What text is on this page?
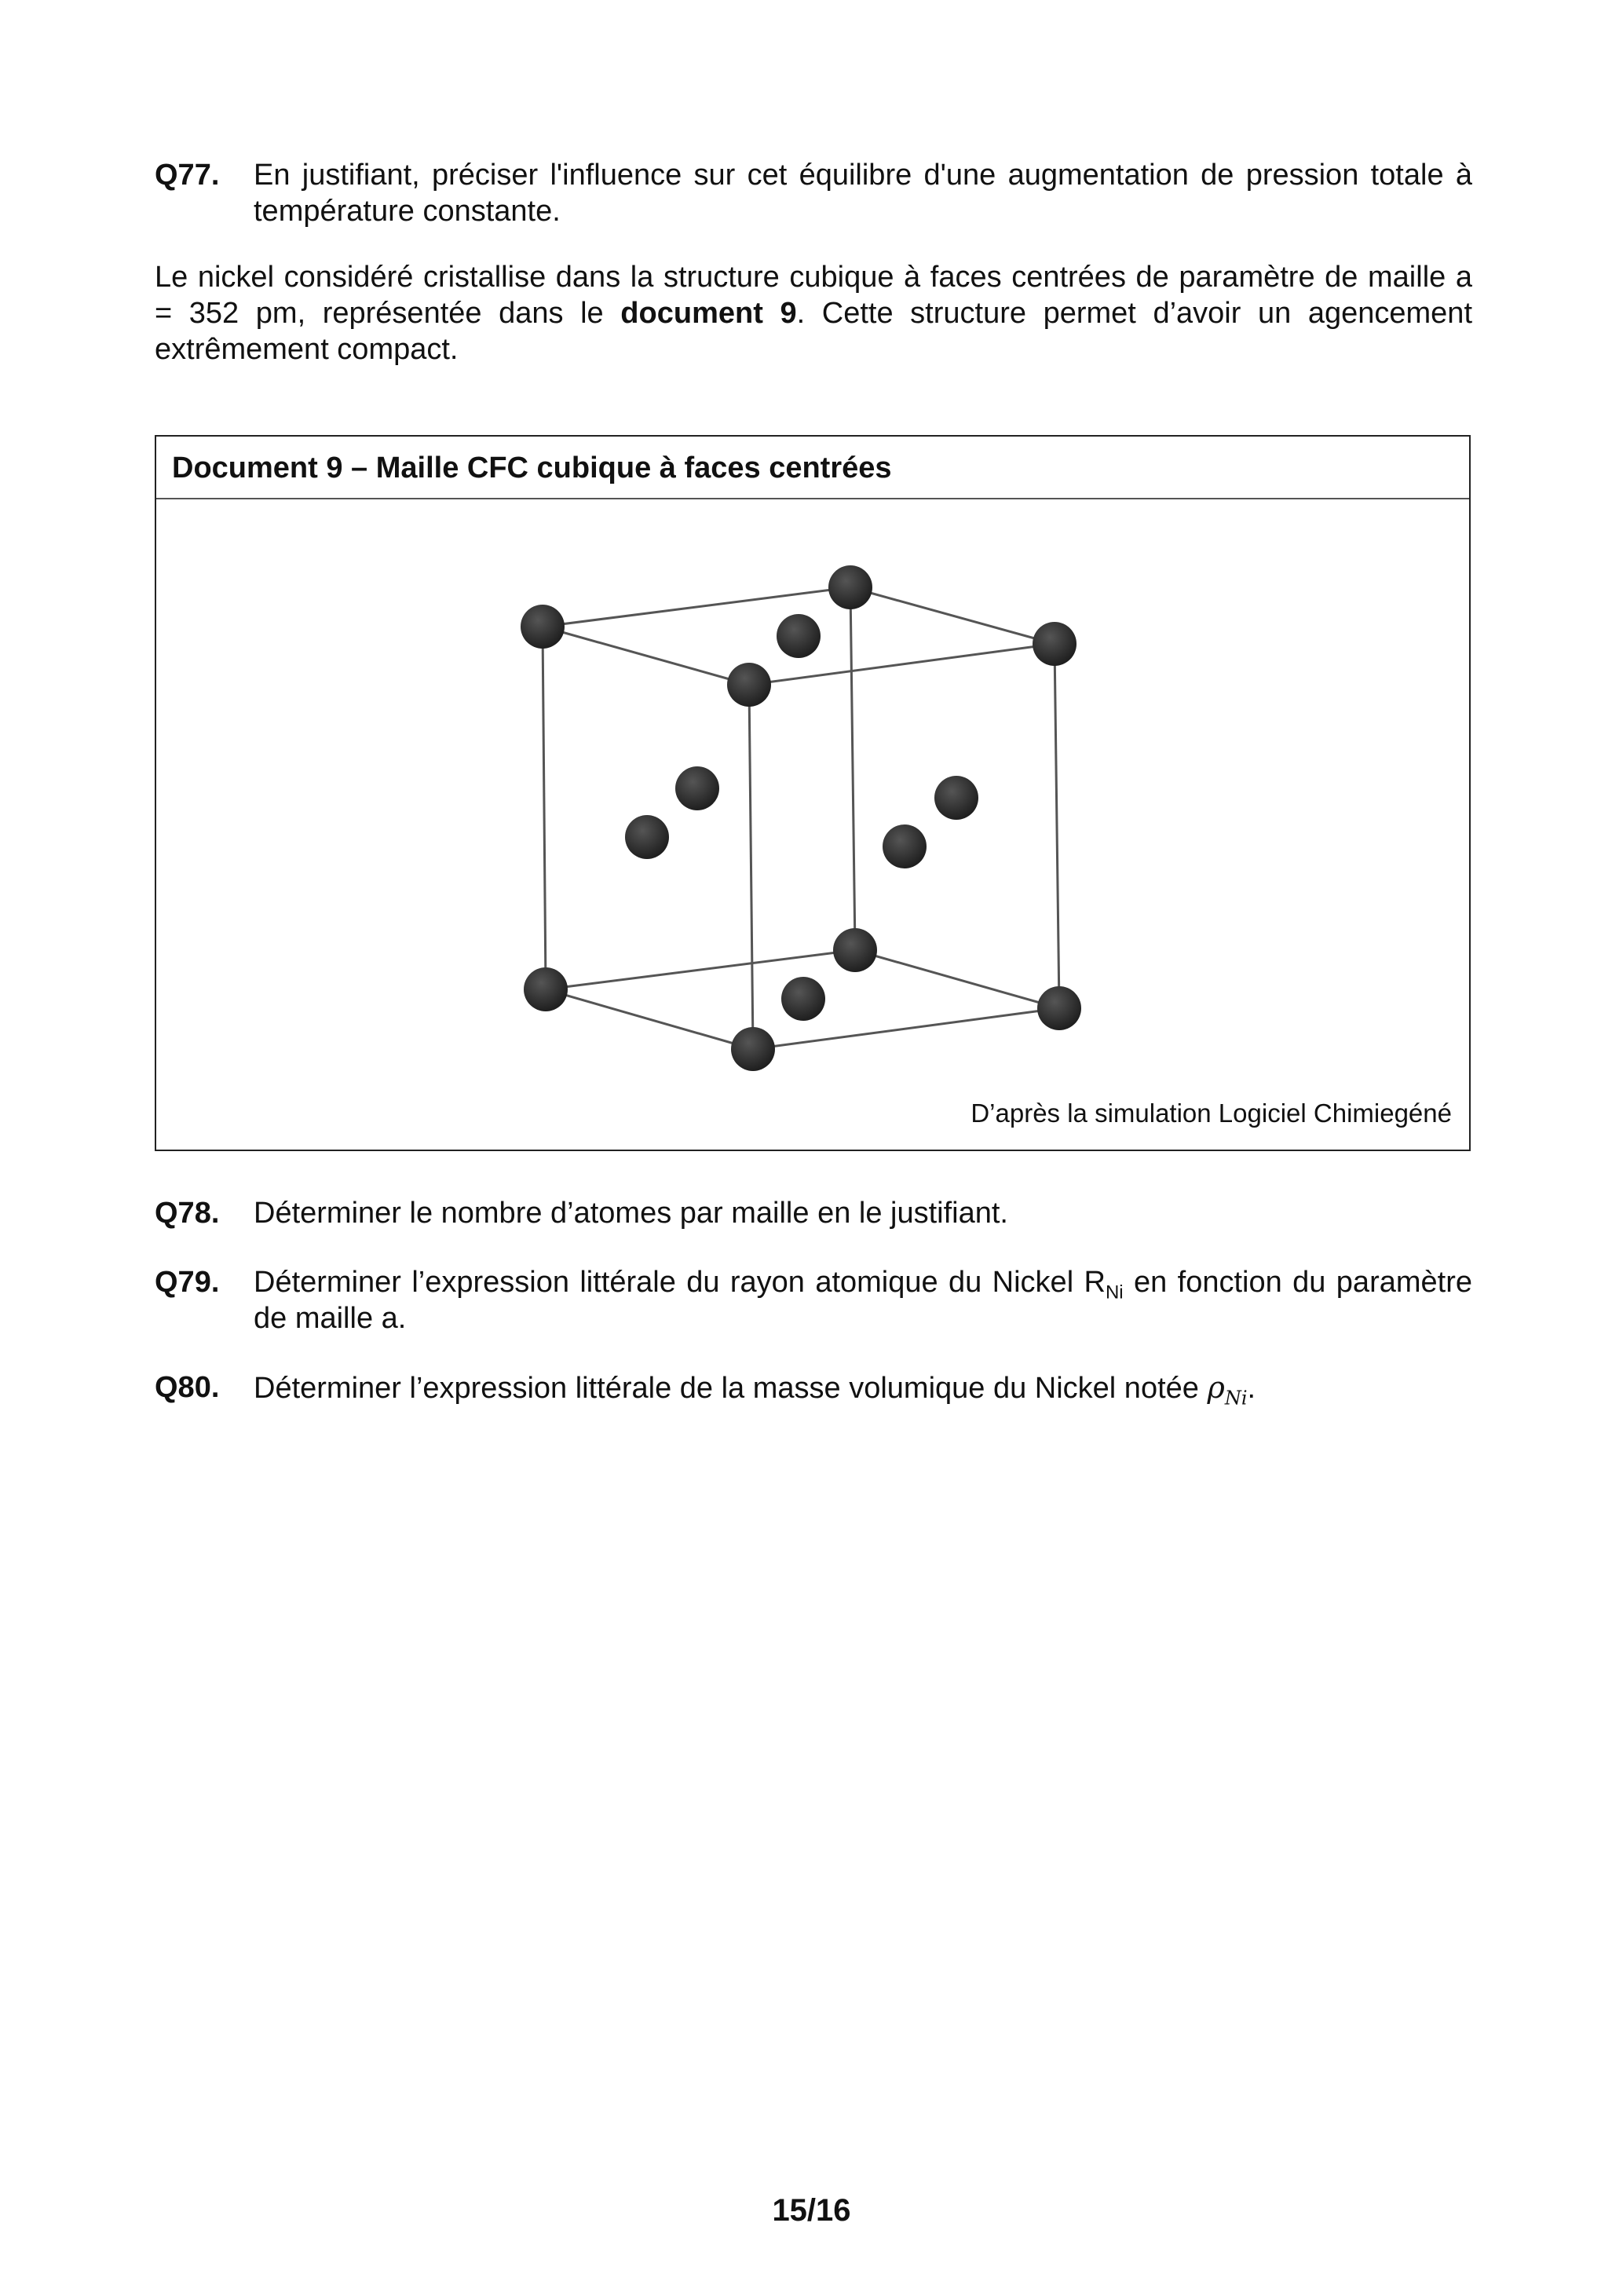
Q77. En justifiant, préciser l'influence sur cet équilibre d'une augmentation de pression totale à température constante.
Le nickel considéré cristallise dans la structure cubique à faces centrées de paramètre de maille a = 352 pm, représentée dans le document 9. Cette structure permet d’avoir un agencement extrêmement compact.
Document 9 – Maille CFC cubique à faces centrées
D’après la simulation Logiciel Chimiegéné
Q78. Déterminer le nombre d’atomes par maille en le justifiant.
Q79. Déterminer l’expression littérale du rayon atomique du Nickel $R_{Ni}$ en fonction du paramètre de maille a.
Q80. Déterminer l’expression littérale de la masse volumique du Nickel notée $\rho_{Ni}$.
15/16
